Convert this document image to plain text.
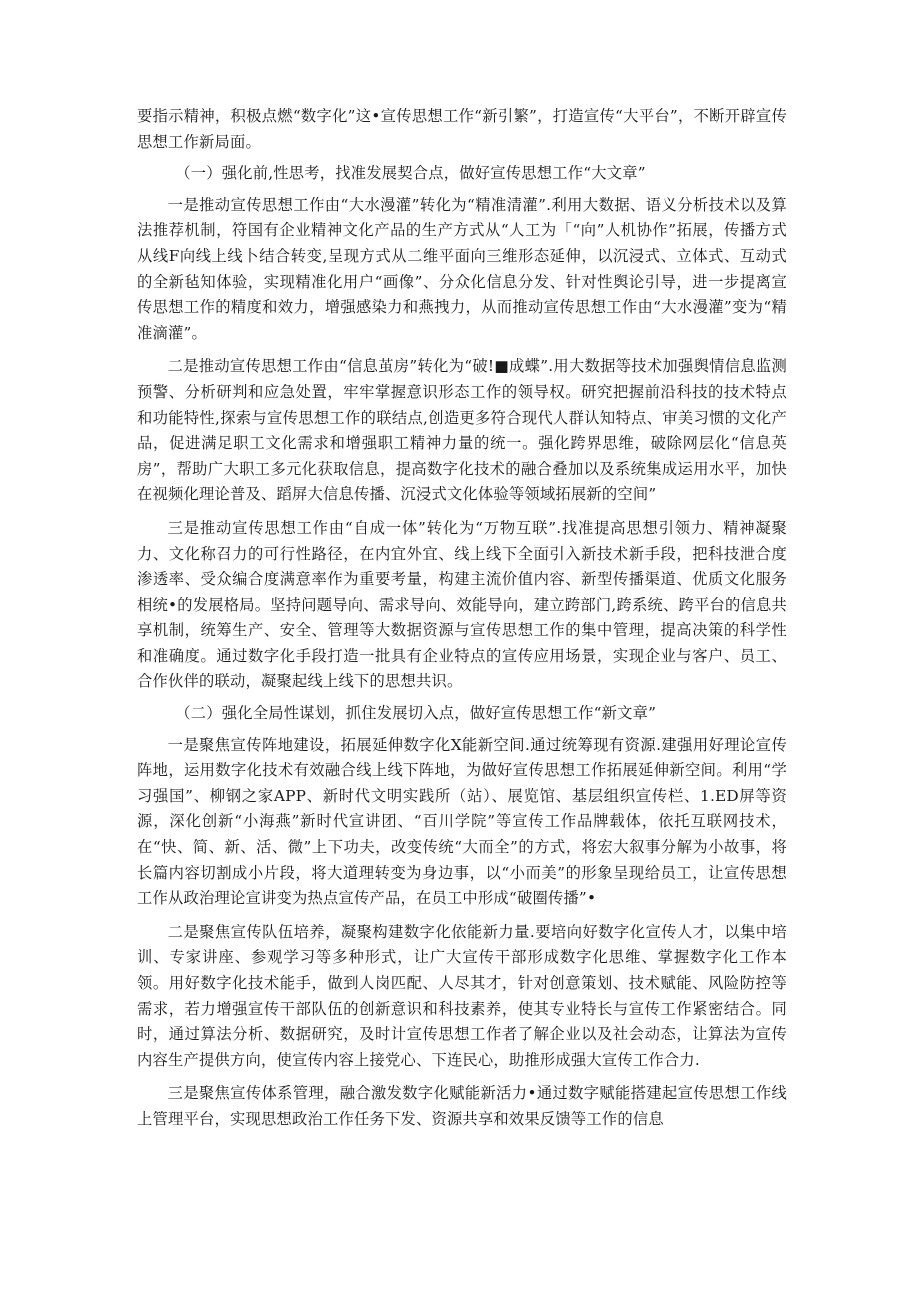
要指示精神，积极点燃“数字化”这•宣传思想工作“新引繁”，打造宣传“大平台”，不断开辟宣传思想工作新局面。

（一）强化前,性思考，找准发展契合点，做好宣传思想工作“大文章”

一是推动宣传思想工作由“大水漫灌”转化为“精准清灌”.利用大数据、语义分析技术以及算法推荐机制，符国有企业精神文化产品的生产方式从“人工为「“向”人机协作”拓展，传播方式从线F向线上线卜结合转变,呈现方式从二维平面向三维形态延伸，以沉浸式、立体式、互动式的全新毡知体验，实现精准化用户“画像”、分众化信息分发、针对性舆论引导，进一步提离宣传思想工作的精度和效力，增强感染力和燕拽力，从而推动宣传思想工作由“大水漫灌”变为“精准滴灌”。

二是推动宣传思想工作由“信息茧房”转化为“破!■成蝶”.用大数据等技术加强舆情信息监测预警、分析研判和应急处置，牢牢掌握意识形态工作的领导权。研究把握前沿科技的技术特点和功能特性,探索与宣传思想工作的联结点,创造更多符合现代人群认知特点、审美习惯的文化产品，促进满足职工文化需求和增强职工精神力量的统一。强化跨界思维，破除网层化“信息英房”，帮助广大职工多元化获取信息，提高数字化技术的融合叠加以及系统集成运用水平，加快在视频化理论普及、蹈屏大信息传播、沉浸式文化体验等领域拓展新的空间”

三是推动宣传思想工作由“自成一体”转化为“万物互联”.找准提高思想引领力、精神凝聚力、文化称召力的可行性路径，在内宜外宜、线上线下全面引入新技术新手段，把科技泄合度渗透率、受众编合度满意率作为重要考量，构建主流价值内容、新型传播渠道、优质文化服务相统•的发展格局。坚持问题导向、需求导向、效能导向，建立跨部门,跨系统、跨平台的信息共享机制，统筹生产、安全、管理等大数据资源与宣传思想工作的集中管理，提高决策的科学性和准确度。通过数字化手段打造一批具有企业特点的宣传应用场景，实现企业与客户、员工、合作伙伴的联动，凝聚起线上线下的思想共识。

（二）强化全局性谋划，抓住发展切入点，做好宣传思想工作“新文章”

一是聚焦宣传阵地建设，拓展延伸数字化X能新空间.通过统筹现有资源.建强用好理论宣传阵地，运用数字化技术有效融合线上线下阵地，为做好宣传思想工作拓展延伸新空间。利用“学习强国”、柳钢之家APP、新时代文明实践所（站）、展览馆、基层组织宣传栏、1.ED屏等资源，深化创新“小海燕”新时代宣讲团、“百川学院”等宣传工作品牌载体，依托互联网技术，在“快、简、新、活、微”上下功夫，改变传统“大而全”的方式，将宏大叙事分解为小故事，将长篇内容切割成小片段，将大道理转变为身边事，以“小而美”的形象呈现给员工，让宣传思想工作从政治理论宣讲变为热点宣传产品，在员工中形成“破圈传播”•

二是聚焦宣传队伍培养，凝聚构建数字化依能新力量.要培向好数字化宣传人才，以集中培训、专家讲座、参观学习等多种形式，让广大宣传干部形成数字化思维、掌握数字化工作本领。用好数字化技术能手，做到人岗匹配、人尽其才，针对创意策划、技术赋能、风险防控等需求，若力增强宣传干部队伍的创新意识和科技素养，使其专业特长与宣传工作紧密结合。同时，通过算法分析、数据研究，及时计宣传思想工作者了解企业以及社会动态，让算法为宣传内容生产提供方向，使宣传内容上接党心、下连民心，助推形成强大宣传工作合力.

三是聚焦宣传体系管理，融合激发数字化赋能新活力•通过数字赋能搭建起宣传思想工作线上管理平台，实现思想政治工作任务下发、资源共享和效果反馈等工作的信息
